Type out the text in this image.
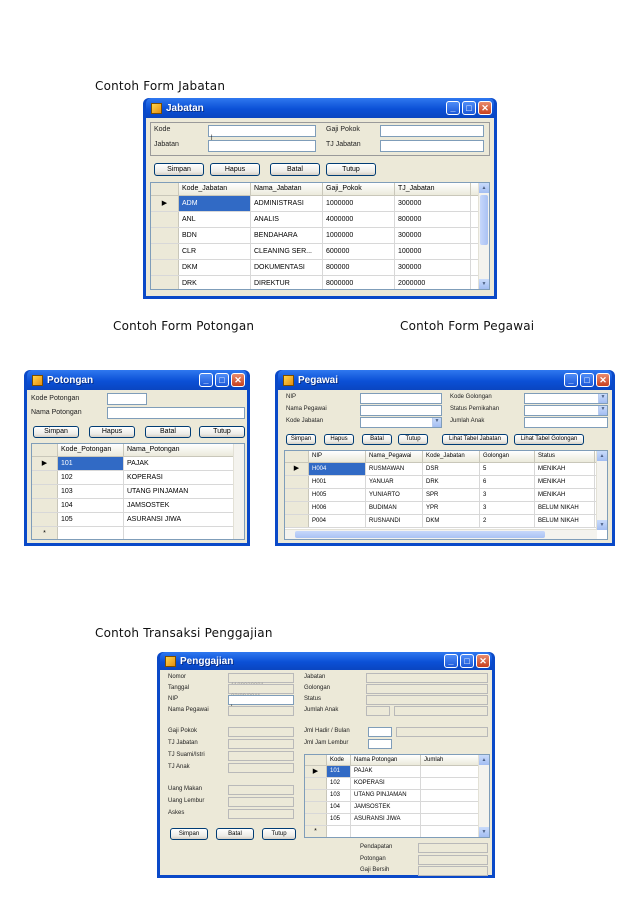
Contoh Form Jabatan
Contoh Form Potongan	Contoh Form Pegawai
Contoh Transaksi Penggajian
Jabatan	_	□	✕
Kode
|
Jabatan
Gaji Pokok
TJ Jabatan
Simpan	Hapus	Batal	Tutup
Kode_Jabatan	Nama_Jabatan	Gaji_Pokok	TJ_Jabatan
▶	ADM	ADMINISTRASI	1000000	300000
ANL	ANALIS	4000000	800000
BDN	BENDAHARA	1000000	300000
CLR	CLEANING SER...	600000	100000
DKM	DOKUMENTASI	800000	300000
DRK	DIREKTUR	8000000	2000000
▲
▼
Potongan	_	□	✕
Kode Potongan
Nama Potongan
Simpan	Hapus	Batal	Tutup
Kode_Potongan	Nama_Potongan
▶	101	PAJAK
102	KOPERASI
103	UTANG PINJAMAN
104	JAMSOSTEK
105	ASURANSI JIWA
*
Pegawai	_	□	✕
NIP
Nama Pegawai
Kode Jabatan	▼
Kode Golongan	▼
Status Pernikahan	▼
Jumlah Anak
Simpan	Hapus	Batal	Tutup	Lihat Tabel Jabatan	Lihat Tabel Golongan
NIP	Nama_Pegawai	Kode_Jabatan	Golongan	Status
▶	H004	RUSMAWAN	DSR	5	MENIKAH
H001	YANUAR	DRK	6	MENIKAH
H005	YUNIARTO	SPR	3	MENIKAH
H006	BUDIMAN	YPR	3	BELUM NIKAH
P004	RUSNANDI	DKM	2	BELUM NIKAH
▲
▼
Penggajian	_	□	✕
Nomor
Tanggal
NIP
Nama Pegawai
Jabatan
Golongan
Status
Jumlah Anak
Gaji Pokok
TJ Jabatan
TJ Suami/Istri
TJ Anak
Uang Makan
Uang Lembur
Askes
Jml Hadir / Bulan
Jml Jam Lembur
Kode	Nama Potongan	Jumlah
▶	101	PAJAK
102	KOPERASI
103	UTANG PINJAMAN
104	JAMSOSTEK
105	ASURANSI JIWA
*
▲
▼
Pendapatan
Potongan
Gaji Bersih
Simpan	Batal	Tutup
